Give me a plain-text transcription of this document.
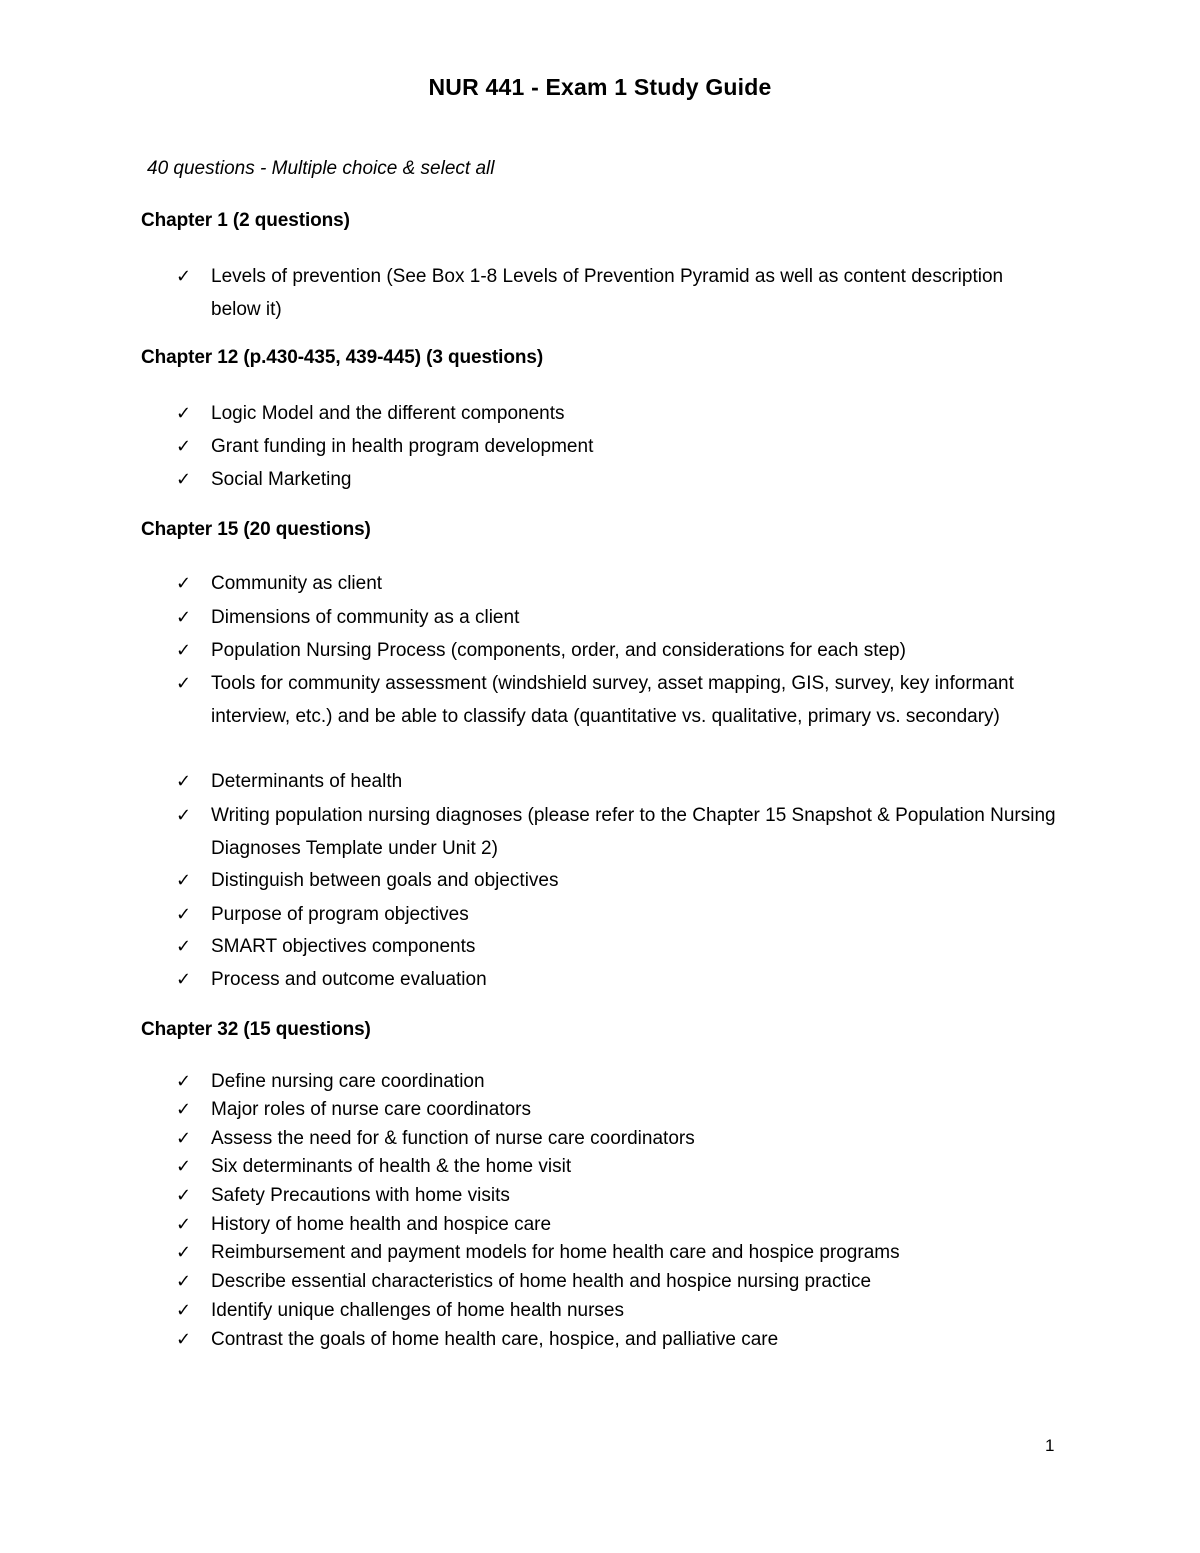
NUR 441 - Exam 1 Study Guide
40 questions - Multiple choice & select all
Chapter 1 (2 questions)
✓ Levels of prevention (See Box 1-8 Levels of Prevention Pyramid as well as content description below it)
Chapter 12 (p.430-435, 439-445) (3 questions)
✓ Logic Model and the different components
✓ Grant funding in health program development
✓ Social Marketing
Chapter 15 (20 questions)
✓ Community as client
✓ Dimensions of community as a client
✓ Population Nursing Process (components, order, and considerations for each step)
✓ Tools for community assessment (windshield survey, asset mapping, GIS, survey, key informant interview, etc.) and be able to classify data (quantitative vs. qualitative, primary vs. secondary)
✓ Determinants of health
✓ Writing population nursing diagnoses (please refer to the Chapter 15 Snapshot & Population Nursing Diagnoses Template under Unit 2)
✓ Distinguish between goals and objectives
✓ Purpose of program objectives
✓ SMART objectives components
✓ Process and outcome evaluation
Chapter 32 (15 questions)
✓ Define nursing care coordination
✓ Major roles of nurse care coordinators
✓ Assess the need for & function of nurse care coordinators
✓ Six determinants of health & the home visit
✓ Safety Precautions with home visits
✓ History of home health and hospice care
✓ Reimbursement and payment models for home health care and hospice programs
✓ Describe essential characteristics of home health and hospice nursing practice
✓ Identify unique challenges of home health nurses
✓ Contrast the goals of home health care, hospice, and palliative care
1
